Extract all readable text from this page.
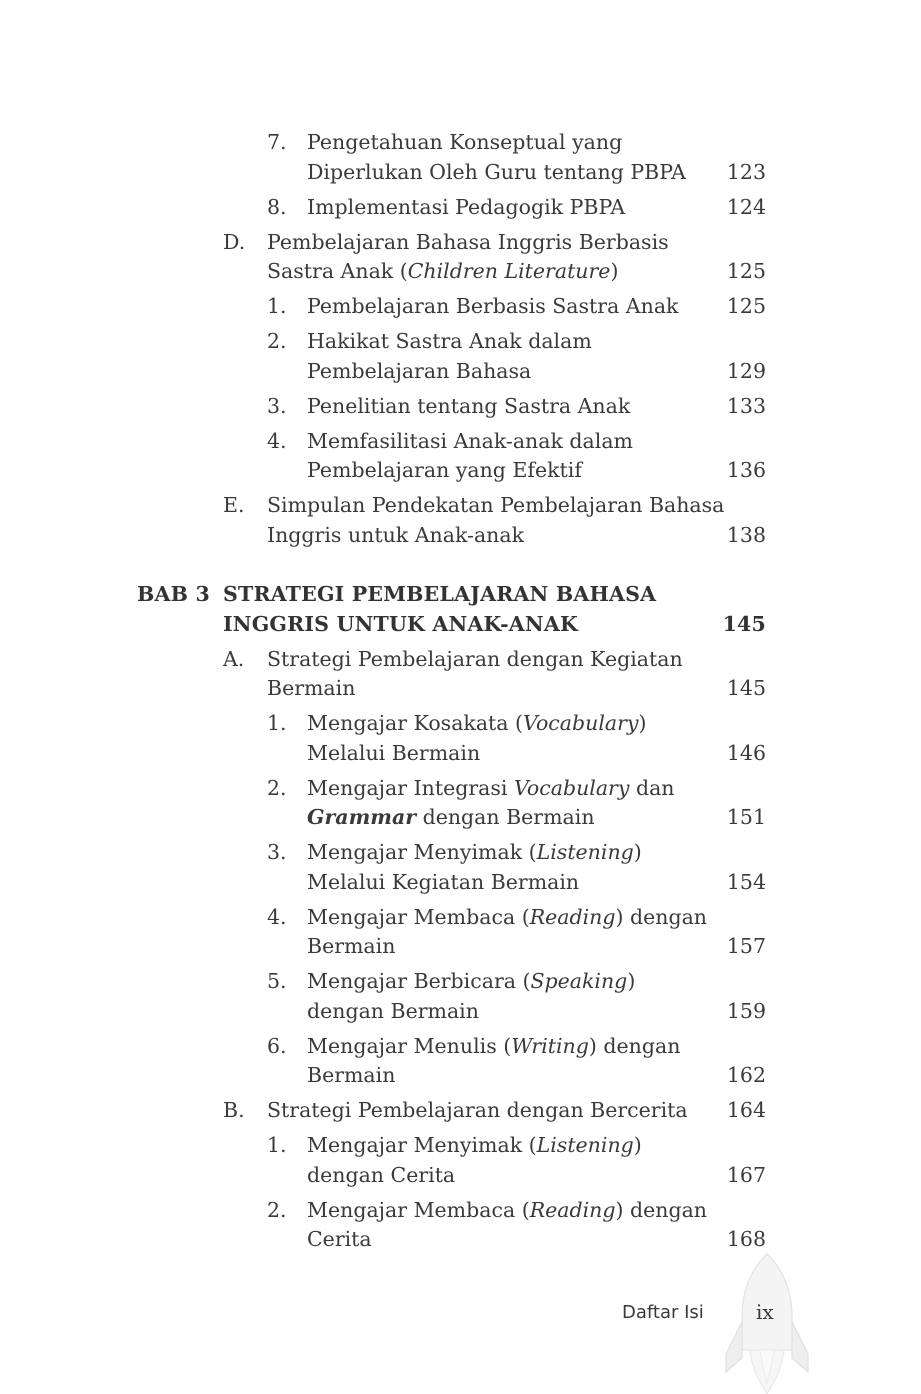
7. Pengetahuan Konseptual yang Diperlukan Oleh Guru tentang PBPA	123
8. Implementasi Pedagogik PBPA	124
D. Pembelajaran Bahasa Inggris Berbasis Sastra Anak (Children Literature)	125
1. Pembelajaran Berbasis Sastra Anak	125
2. Hakikat Sastra Anak dalam Pembelajaran Bahasa	129
3. Penelitian tentang Sastra Anak	133
4. Memfasilitasi Anak-anak dalam Pembelajaran yang Efektif	136
E. Simpulan Pendekatan Pembelajaran Bahasa Inggris untuk Anak-anak	138
BAB 3 STRATEGI PEMBELAJARAN BAHASA INGGRIS UNTUK ANAK-ANAK	145
A. Strategi Pembelajaran dengan Kegiatan Bermain	145
1. Mengajar Kosakata (Vocabulary) Melalui Bermain	146
2. Mengajar Integrasi Vocabulary dan Grammar dengan Bermain	151
3. Mengajar Menyimak (Listening) Melalui Kegiatan Bermain	154
4. Mengajar Membaca (Reading) dengan Bermain	157
5. Mengajar Berbicara (Speaking) dengan Bermain	159
6. Mengajar Menulis (Writing) dengan Bermain	162
B. Strategi Pembelajaran dengan Bercerita	164
1. Mengajar Menyimak (Listening) dengan Cerita	167
2. Mengajar Membaca (Reading) dengan Cerita	168
Daftar Isi	ix
